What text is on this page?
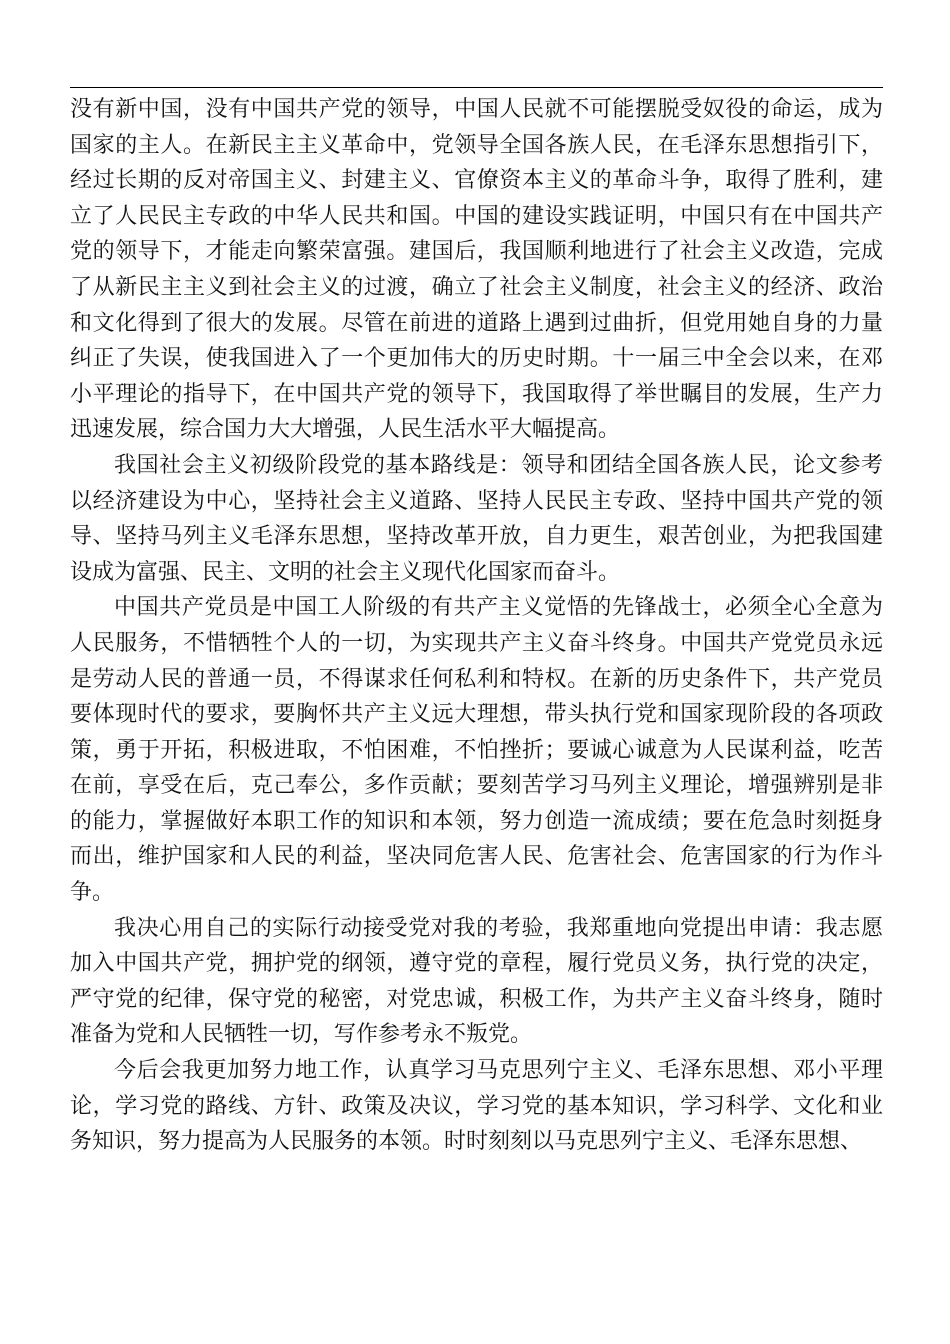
没有新中国，没有中国共产党的领导，中国人民就不可能摆脱受奴役的命运，成为国家的主人。在新民主主义革命中，党领导全国各族人民，在毛泽东思想指引下，经过长期的反对帝国主义、封建主义、官僚资本主义的革命斗争，取得了胜利，建立了人民民主专政的中华人民共和国。中国的建设实践证明，中国只有在中国共产党的领导下，才能走向繁荣富强。建国后，我国顺利地进行了社会主义改造，完成了从新民主主义到社会主义的过渡，确立了社会主义制度，社会主义的经济、政治和文化得到了很大的发展。尽管在前进的道路上遇到过曲折，但党用她自身的力量纠正了失误，使我国进入了一个更加伟大的历史时期。十一届三中全会以来，在邓小平理论的指导下，在中国共产党的领导下，我国取得了举世瞩目的发展，生产力迅速发展，综合国力大大增强，人民生活水平大幅提高。

我国社会主义初级阶段党的基本路线是：领导和团结全国各族人民，论文参考以经济建设为中心，坚持社会主义道路、坚持人民民主专政、坚持中国共产党的领导、坚持马列主义毛泽东思想，坚持改革开放，自力更生，艰苦创业，为把我国建设成为富强、民主、文明的社会主义现代化国家而奋斗。

中国共产党员是中国工人阶级的有共产主义觉悟的先锋战士，必须全心全意为人民服务，不惜牺牲个人的一切，为实现共产主义奋斗终身。中国共产党党员永远是劳动人民的普通一员，不得谋求任何私利和特权。在新的历史条件下，共产党员要体现时代的要求，要胸怀共产主义远大理想，带头执行党和国家现阶段的各项政策，勇于开拓，积极进取，不怕困难，不怕挫折；要诚心诚意为人民谋利益，吃苦在前，享受在后，克己奉公，多作贡献；要刻苦学习马列主义理论，增强辨别是非的能力，掌握做好本职工作的知识和本领，努力创造一流成绩；要在危急时刻挺身而出，维护国家和人民的利益，坚决同危害人民、危害社会、危害国家的行为作斗争。

我决心用自己的实际行动接受党对我的考验，我郑重地向党提出申请：我志愿加入中国共产党，拥护党的纲领，遵守党的章程，履行党员义务，执行党的决定，严守党的纪律，保守党的秘密，对党忠诚，积极工作，为共产主义奋斗终身，随时准备为党和人民牺牲一切，写作参考永不叛党。

今后会我更加努力地工作，认真学习马克思列宁主义、毛泽东思想、邓小平理论，学习党的路线、方针、政策及决议，学习党的基本知识，学习科学、文化和业务知识，努力提高为人民服务的本领。时时刻刻以马克思列宁主义、毛泽东思想、
